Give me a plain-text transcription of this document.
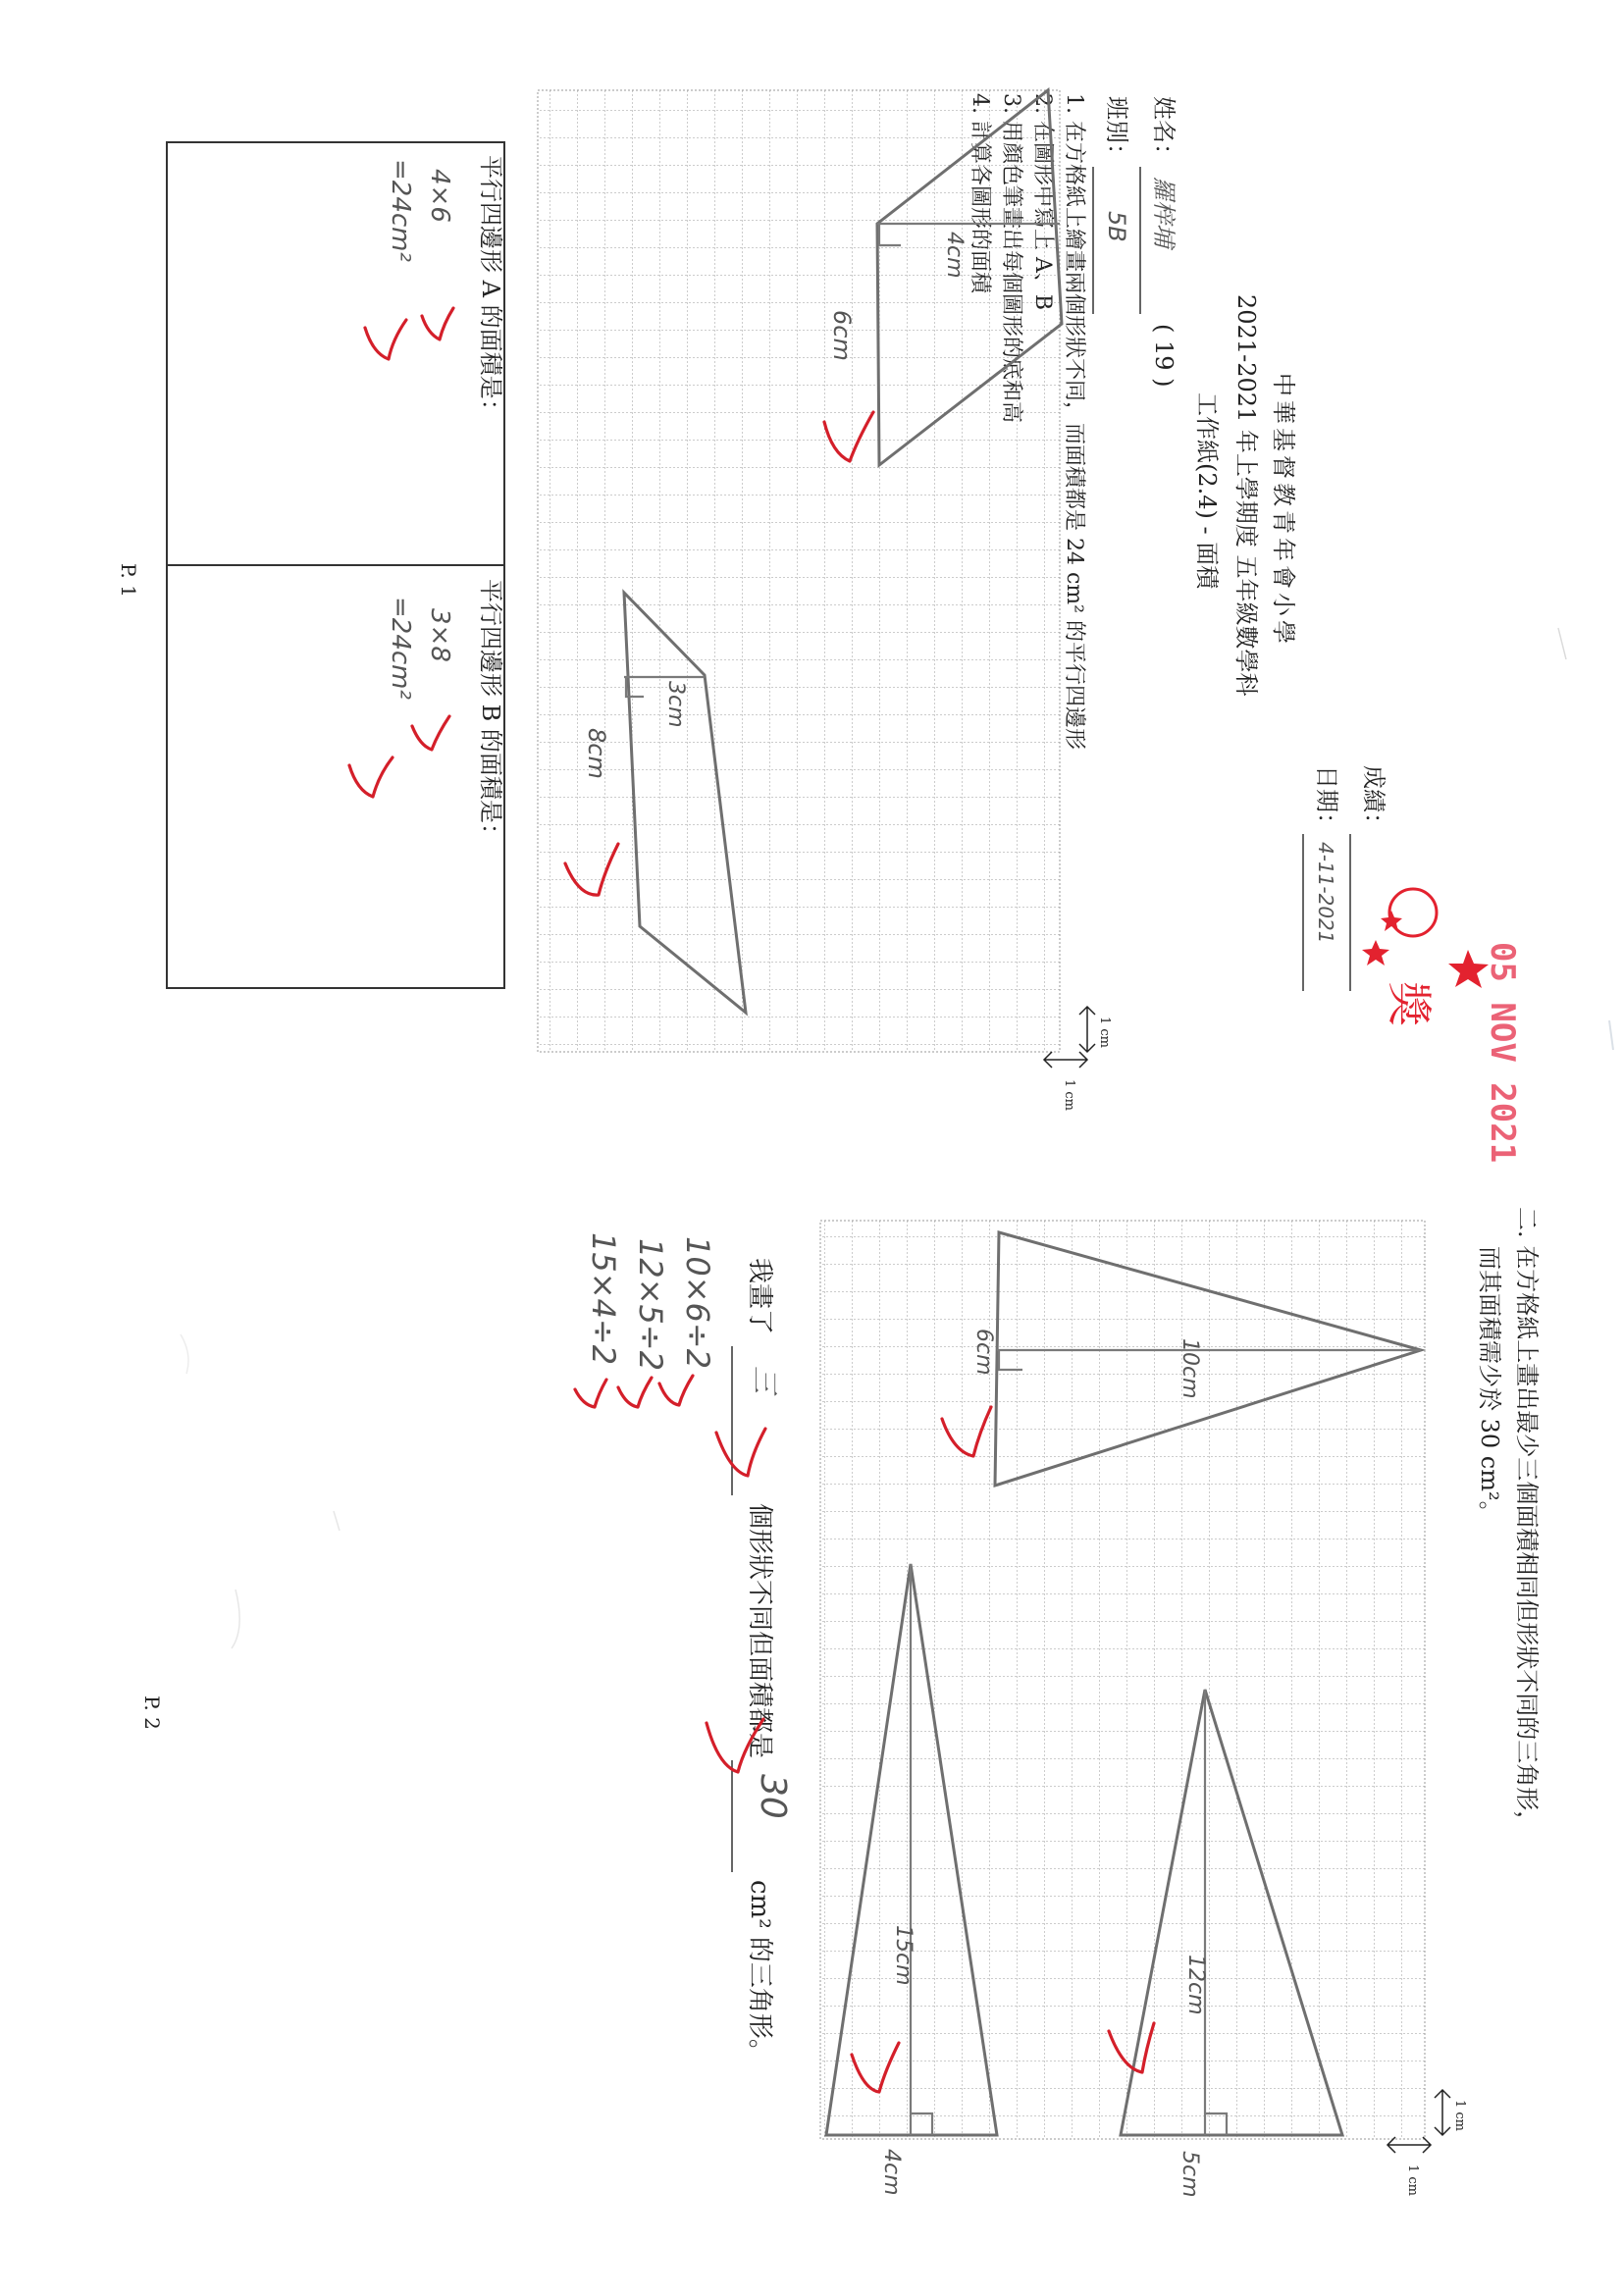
中華基督教青年會小學
2021-2021 年上學期度 五年級數學科
工作紙(2.4) - 面積
姓名：
羅梓埔
( 19 )
班別：
5B
成績：
日期：
4-11-2021
05 NOV 2021
獎
1. 在方格紙上繪畫兩個形狀不同，而面積都是 24 cm² 的平行四邊形
4cm
6cm
3cm
8cm
1 cm
1 cm
平行四邊形 A 的面積是：
4×6
=24cm²
平行四邊形 B 的面積是：
3×8
=24cm²
P. 1
二. 在方格紙上畫出最少三個面積相同但形狀不同的三角形，
而其面積需少於 30 cm²。
10cm
6cm
15cm
4cm
12cm
5cm
1 cm
1 cm
我畫了
三
個形狀不同但面積都是
30
cm² 的三角形。
10×6÷2
12×5÷2
15×4÷2
P. 2
